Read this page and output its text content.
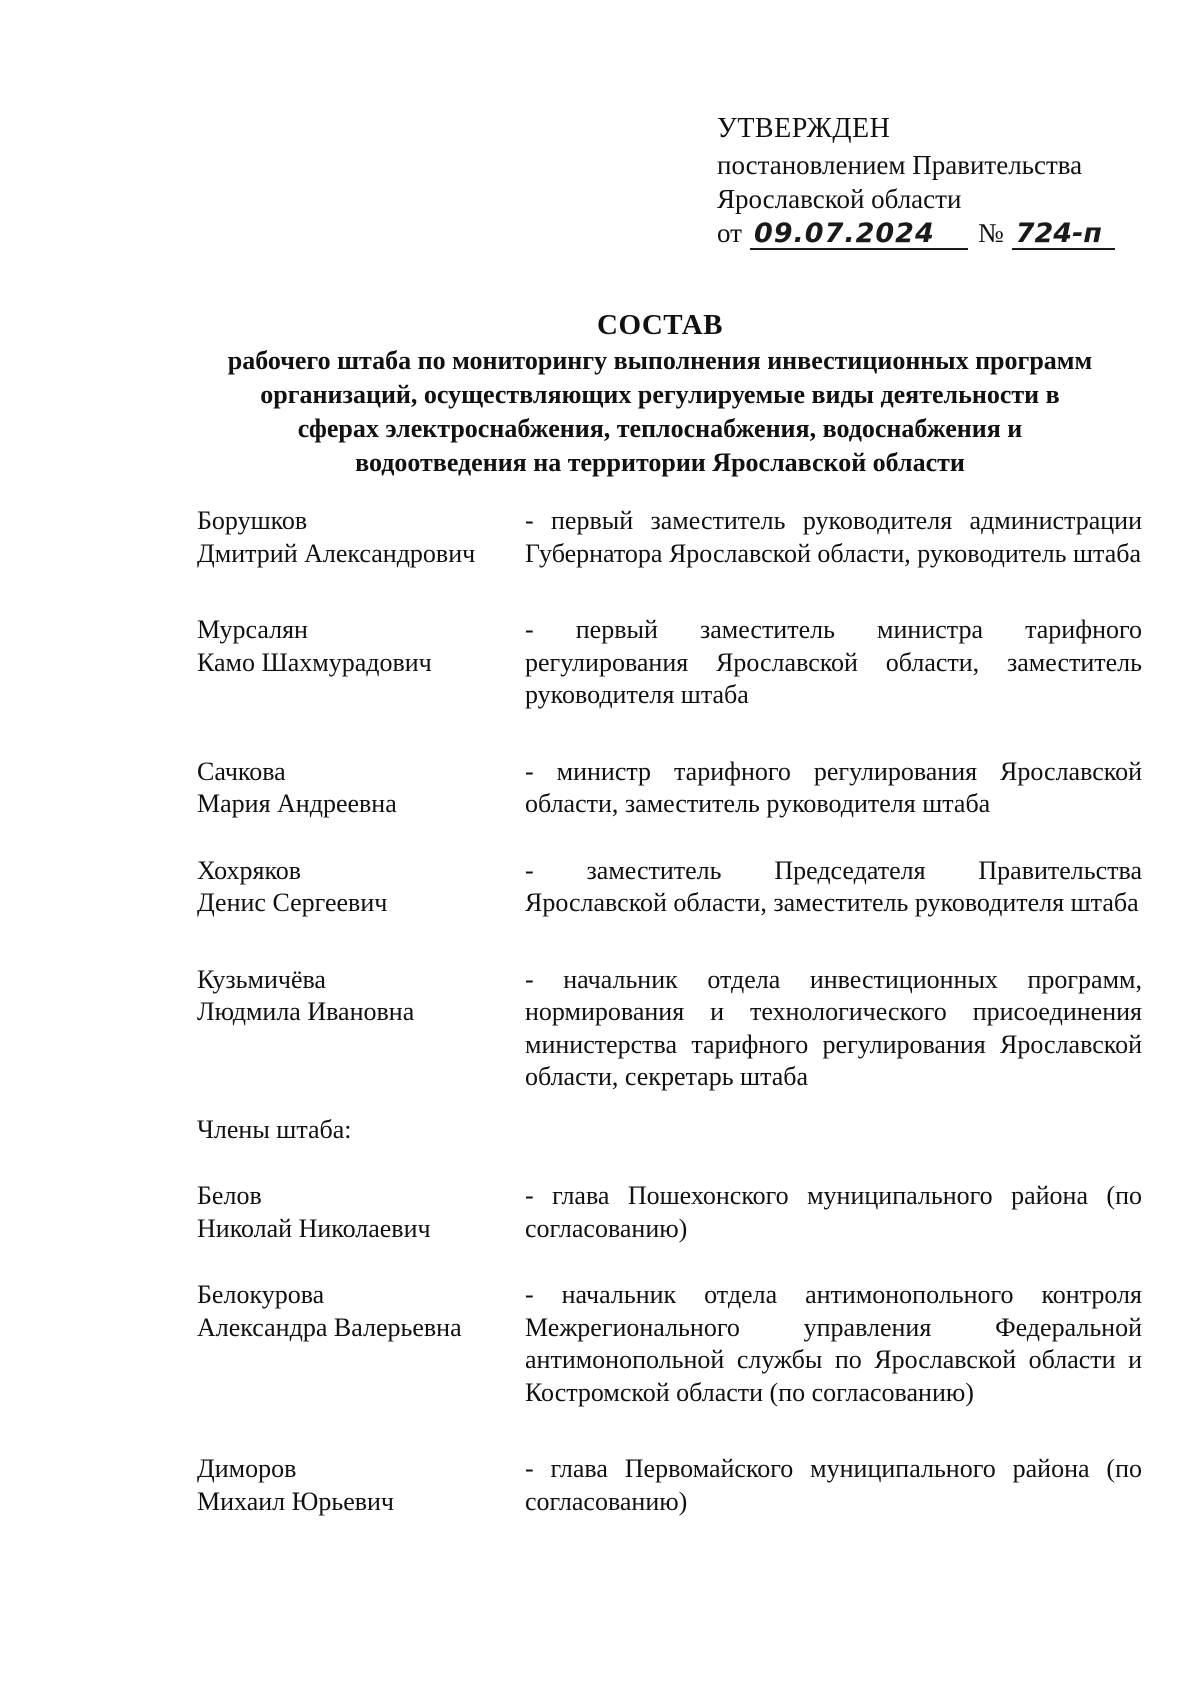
УТВЕРЖДЕН
постановлением Правительства
Ярославской области
от 09.07.2024	№ 724-п
СОСТАВ
рабочего штаба по мониторингу выполнения инвестиционных программ
организаций, осуществляющих регулируемые виды деятельности в
сферах электроснабжения, теплоснабжения, водоснабжения и
водоотведения на территории Ярославской области
Борушков
Дмитрий Александрович
- первый заместитель руководителя администрации Губернатора Ярославской области, руководитель штаба
Мурсалян
Камо Шахмурадович
- первый заместитель министра тарифного регулирования Ярославской области, заместитель руководителя штаба
Сачкова
Мария Андреевна
- министр тарифного регулирования Ярославской области, заместитель руководителя штаба
Хохряков
Денис Сергеевич
- заместитель Председателя Правительства Ярославской области, заместитель руководителя штаба
Кузьмичёва
Людмила Ивановна
- начальник отдела инвестиционных программ, нормирования и технологического присоединения министерства тарифного регулирования Ярославской области, секретарь штаба
Члены штаба:
Белов
Николай Николаевич
- глава Пошехонского муниципального района (по согласованию)
Белокурова
Александра Валерьевна
- начальник отдела антимонопольного контроля Межрегионального управления Федеральной антимонопольной службы по Ярославской области и Костромской области (по согласованию)
Диморов
Михаил Юрьевич
- глава Первомайского муниципального района (по согласованию)
